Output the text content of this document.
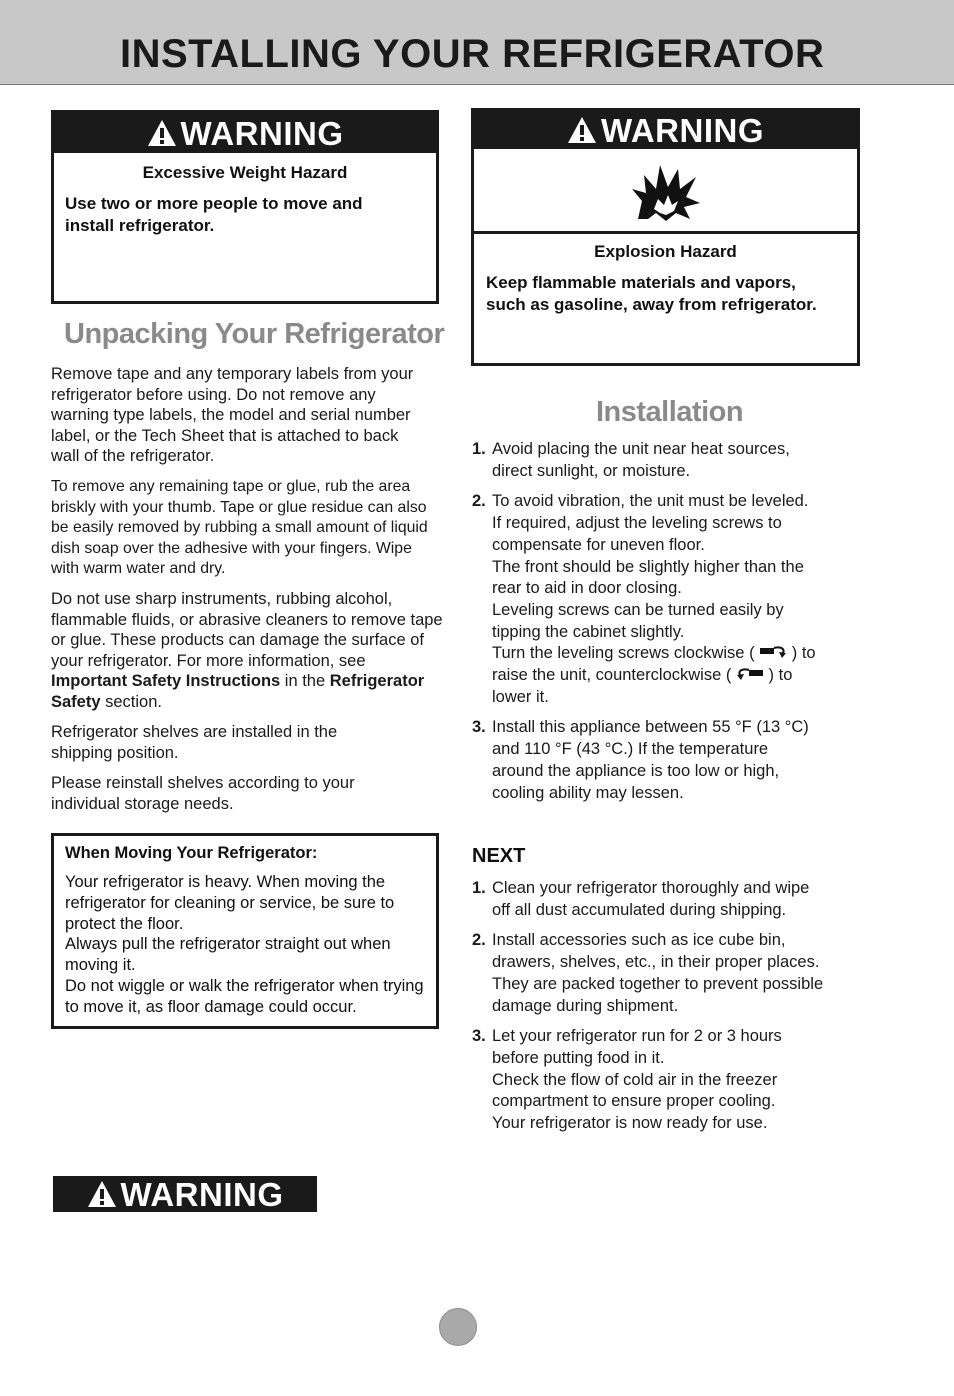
INSTALLING YOUR REFRIGERATOR
WARNING

Excessive Weight Hazard

Use two or more people to move and install refrigerator.

WARNING

Explosion Hazard

Keep flammable materials and vapors,

such as gasoline, away from refrigerator.

Unpacking Your Refrigerator

Remove tape and any temporary labels from your refrigerator before using. Do not remove any warning type labels, the model and serial number label, or the Tech Sheet that is attached to back wall of the refrigerator.

To remove any remaining tape or glue, rub the area briskly with your thumb. Tape or glue residue can also be easily removed by rubbing a small amount of liquid dish soap over the adhesive with your fingers. Wipe with warm water and dry.

Do not use sharp instruments, rubbing alcohol, flammable fluids, or abrasive cleaners to remove tape or glue. These products can damage the surface of your refrigerator. For more information, see Important Safety Instructions in the Refrigerator Safety section.

Refrigerator shelves are installed in the shipping position.

Please reinstall shelves according to your individual storage needs.

When Moving Your Refrigerator:

Your refrigerator is heavy. When moving the refrigerator for cleaning or service, be sure to protect the floor.

Always pull the refrigerator straight out when moving it.

Do not wiggle or walk the refrigerator when trying to move it, as floor damage could occur.

Installation
1. Avoid placing the unit near heat sources,
direct sunlight, or moisture.
2. To avoid vibration, the unit must be leveled.
If required, adjust the leveling screws to
compensate for uneven floor.
The front should be slightly higher than the
rear to aid in door closing.
Leveling screws can be turned easily by
tipping the cabinet slightly.
Turn the leveling screws clockwise ( ) to
raise the unit, counterclockwise ( ) to
lower it.
3. Install this appliance between 55 °F (13 °C)
and 110 °F (43 °C.) If the temperature
around the appliance is too low or high,
cooling ability may lessen.
NEXT
1. Clean your refrigerator thoroughly and wipe
off all dust accumulated during shipping.
2. Install accessories such as ice cube bin,
drawers, shelves, etc., in their proper places.
They are packed together to prevent possible
damage during shipment.
3. Let your refrigerator run for 2 or 3 hours
before putting food in it.
Check the flow of cold air in the freezer
compartment to ensure proper cooling.
Your refrigerator is now ready for use.
WARNING
